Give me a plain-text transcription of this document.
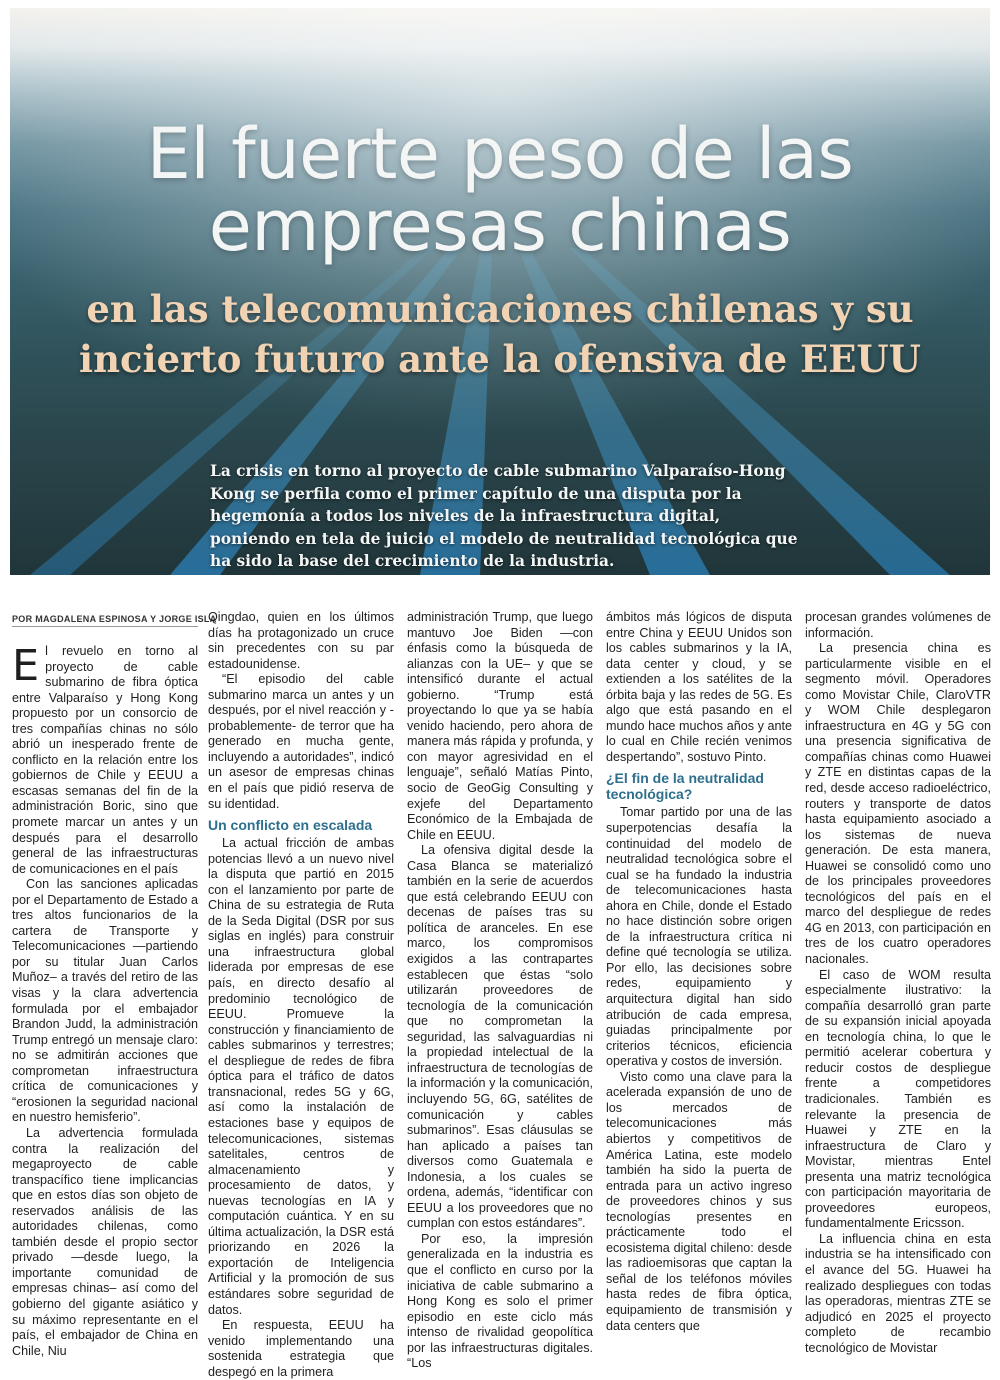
El fuerte peso de las empresas chinas
en las telecomunicaciones chilenas y su incierto futuro ante la ofensiva de EEUU
La crisis en torno al proyecto de cable submarino Valparaíso-Hong Kong se perfila como el primer capítulo de una disputa por la hegemonía a todos los niveles de la infraestructura digital, poniendo en tela de juicio el modelo de neutralidad tecnológica que ha sido la base del crecimiento de la industria.
POR MAGDALENA ESPINOSA Y JORGE ISLA

El revuelo en torno al proyecto de cable submarino de fibra óptica entre Valparaíso y Hong Kong propuesto por un consorcio de tres compañías chinas no sólo abrió un inesperado frente de conflicto en la relación entre los gobiernos de Chile y EEUU a escasas semanas del fin de la administración Boric, sino que promete marcar un antes y un después para el desarrollo general de las infraestructuras de comunicaciones en el país

Con las sanciones aplicadas por el Departamento de Estado a tres altos funcionarios de la cartera de Transporte y Telecomunicaciones —partiendo por su titular Juan Carlos Muñoz– a través del retiro de las visas y la clara advertencia formulada por el embajador Brandon Judd, la administración Trump entregó un mensaje claro: no se admitirán acciones que comprometan infraestructura crítica de comunicaciones y “erosionen la seguridad nacional en nuestro hemisferio”.

La advertencia formulada contra la realización del megaproyecto de cable transpacífico tiene implicancias que en estos días son objeto de reservados análisis de las autoridades chilenas, como también desde el propio sector privado —desde luego, la importante comunidad de empresas chinas– así como del gobierno del gigante asiático y su máximo representante en el país, el embajador de China en Chile, Niu

Qingdao, quien en los últimos días ha protagonizado un cruce sin precedentes con su par estadounidense.

“El episodio del cable submarino marca un antes y un después, por el nivel reacción y -probablemente- de terror que ha generado en mucha gente, incluyendo a autoridades”, indicó un asesor de empresas chinas en el país que pidió reserva de su identidad.

Un conflicto en escalada

La actual fricción de ambas potencias llevó a un nuevo nivel la disputa que partió en 2015 con el lanzamiento por parte de China de su estrategia de Ruta de la Seda Digital (DSR por sus siglas en inglés) para construir una infraestructura global liderada por empresas de ese país, en directo desafío al predominio tecnológico de EEUU. Promueve la construcción y financiamiento de cables submarinos y terrestres; el despliegue de redes de fibra óptica para el tráfico de datos transnacional, redes 5G y 6G, así como la instalación de estaciones base y equipos de telecomunicaciones, sistemas satelitales, centros de almacenamiento y procesamiento de datos, y nuevas tecnologías en IA y computación cuántica. Y en su última actualización, la DSR está priorizando en 2026 la exportación de Inteligencia Artificial y la promoción de sus estándares sobre seguridad de datos.

En respuesta, EEUU ha venido implementando una sostenida estrategia que despegó en la primera

administración Trump, que luego mantuvo Joe Biden —con énfasis como la búsqueda de alianzas con la UE– y que se intensificó durante el actual gobierno. “Trump está proyectando lo que ya se había venido haciendo, pero ahora de manera más rápida y profunda, y con mayor agresividad en el lenguaje”, señaló Matías Pinto, socio de GeoGig Consulting y exjefe del Departamento Económico de la Embajada de Chile en EEUU.

La ofensiva digital desde la Casa Blanca se materializó también en la serie de acuerdos que está celebrando EEUU con decenas de países tras su política de aranceles. En ese marco, los compromisos exigidos a las contrapartes establecen que éstas “solo utilizarán proveedores de tecnología de la comunicación que no comprometan la seguridad, las salvaguardias ni la propiedad intelectual de la infraestructura de tecnologías de la información y la comunicación, incluyendo 5G, 6G, satélites de comunicación y cables submarinos”. Esas cláusulas se han aplicado a países tan diversos como Guatemala e Indonesia, a los cuales se ordena, además, “identificar con EEUU a los proveedores que no cumplan con estos estándares”.

Por eso, la impresión generalizada en la industria es que el conflicto en curso por la iniciativa de cable submarino a Hong Kong es solo el primer episodio en este ciclo más intenso de rivalidad geopolítica por las infraestructuras digitales. “Los

ámbitos más lógicos de disputa entre China y EEUU Unidos son los cables submarinos y la IA, data center y cloud, y se extienden a los satélites de la órbita baja y las redes de 5G. Es algo que está pasando en el mundo hace muchos años y ante lo cual en Chile recién venimos despertando”, sostuvo Pinto.

¿El fin de la neutralidad tecnológica?

Tomar partido por una de las superpotencias desafía la continuidad del modelo de neutralidad tecnológica sobre el cual se ha fundado la industria de telecomunicaciones hasta ahora en Chile, donde el Estado no hace distinción sobre origen de la infraestructura crítica ni define qué tecnología se utiliza. Por ello, las decisiones sobre redes, equipamiento y arquitectura digital han sido atribución de cada empresa, guiadas principalmente por criterios técnicos, eficiencia operativa y costos de inversión.

Visto como una clave para la acelerada expansión de uno de los mercados de telecomunicaciones más abiertos y competitivos de América Latina, este modelo también ha sido la puerta de entrada para un activo ingreso de proveedores chinos y sus tecnologías presentes en prácticamente todo el ecosistema digital chileno: desde las radioemisoras que captan la señal de los teléfonos móviles hasta redes de fibra óptica, equipamiento de transmisión y data centers que

procesan grandes volúmenes de información.

La presencia china es particularmente visible en el segmento móvil. Operadores como Movistar Chile, ClaroVTR y WOM Chile desplegaron infraestructura en 4G y 5G con una presencia significativa de compañías chinas como Huawei y ZTE en distintas capas de la red, desde acceso radioeléctrico, routers y transporte de datos hasta equipamiento asociado a los sistemas de nueva generación. De esta manera, Huawei se consolidó como uno de los principales proveedores tecnológicos del país en el marco del despliegue de redes 4G en 2013, con participación en tres de los cuatro operadores nacionales.

El caso de WOM resulta especialmente ilustrativo: la compañía desarrolló gran parte de su expansión inicial apoyada en tecnología china, lo que le permitió acelerar cobertura y reducir costos de despliegue frente a competidores tradicionales. También es relevante la presencia de Huawei y ZTE en la infraestructura de Claro y Movistar, mientras Entel presenta una matriz tecnológica con participación mayoritaria de proveedores europeos, fundamentalmente Ericsson.

La influencia china en esta industria se ha intensificado con el avance del 5G. Huawei ha realizado despliegues con todas las operadoras, mientras ZTE se adjudicó en 2025 el proyecto completo de recambio tecnológico de Movistar
